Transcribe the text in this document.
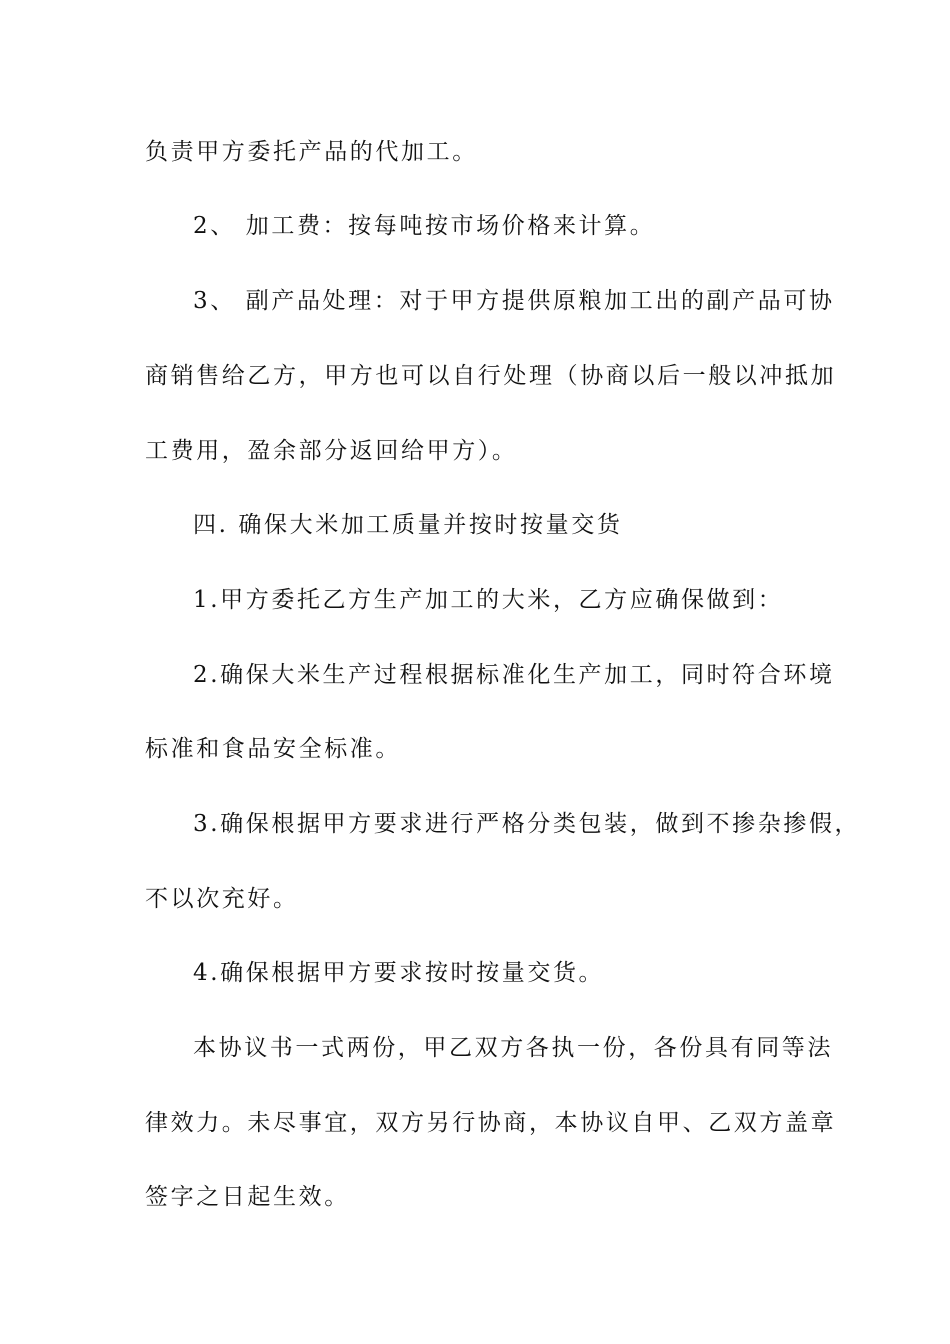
负责甲方委托产品的代加工。
2、 加工费：按每吨按市场价格来计算。
3、 副产品处理：对于甲方提供原粮加工出的副产品可协
商销售给乙方，甲方也可以自行处理（协商以后一般以冲抵加
工费用，盈余部分返回给甲方）。
四. 确保大米加工质量并按时按量交货
1.甲方委托乙方生产加工的大米，乙方应确保做到：
2.确保大米生产过程根据标准化生产加工，同时符合环境
标准和食品安全标准。
3.确保根据甲方要求进行严格分类包装，做到不掺杂掺假，
不以次充好。
4.确保根据甲方要求按时按量交货。
本协议书一式两份，甲乙双方各执一份，各份具有同等法
律效力。未尽事宜，双方另行协商，本协议自甲、乙双方盖章
签字之日起生效。
